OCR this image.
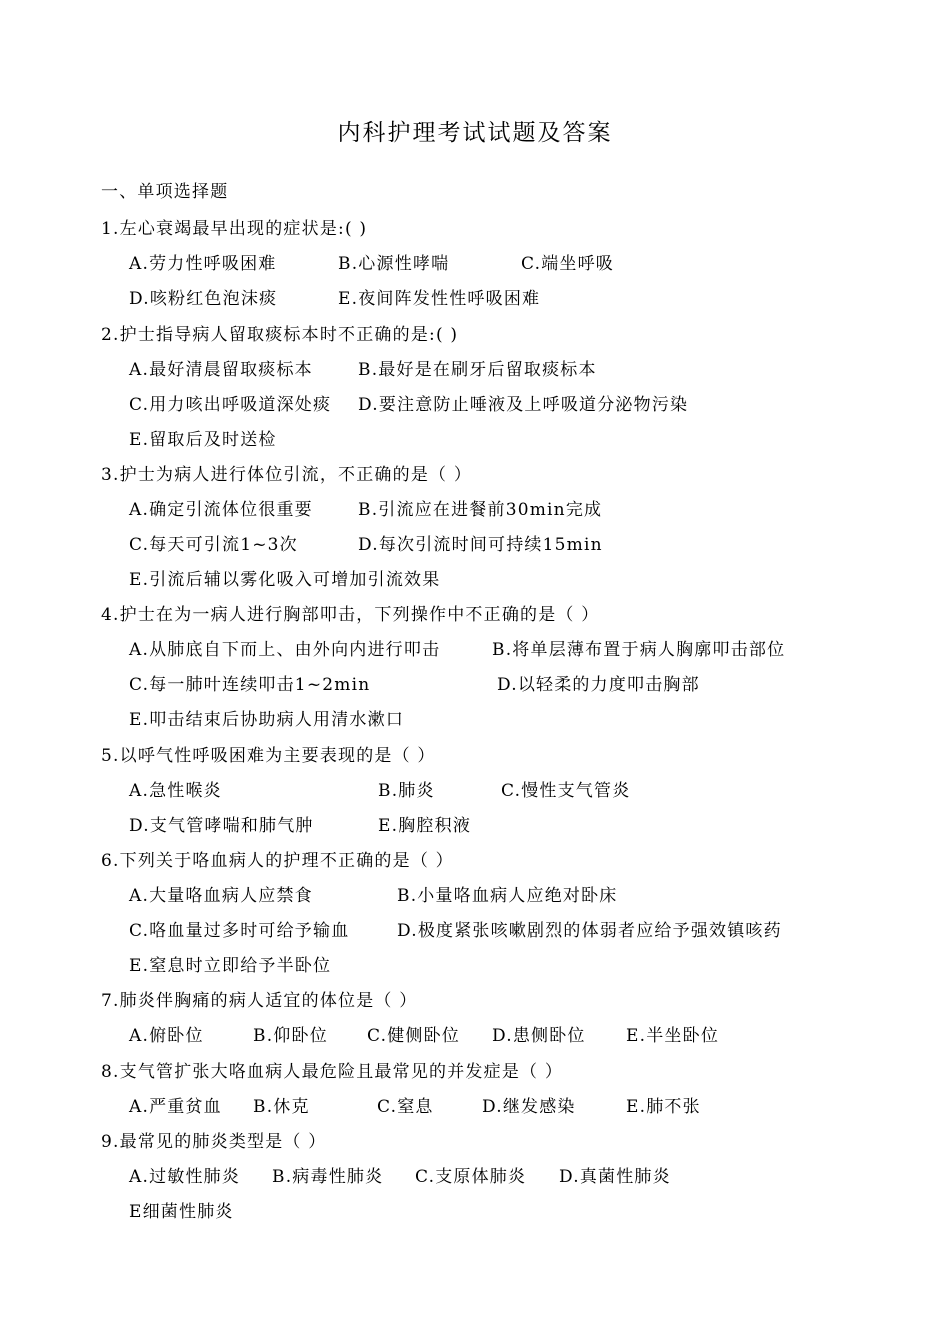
内科护理考试试题及答案
一、单项选择题
1.左心衰竭最早出现的症状是:( )
A.劳力性呼吸困难	B.心源性哮喘	C.端坐呼吸
D.咳粉红色泡沫痰	E.夜间阵发性性呼吸困难
2.护士指导病人留取痰标本时不正确的是:( )
A.最好清晨留取痰标本	B.最好是在刷牙后留取痰标本
C.用力咳出呼吸道深处痰 D.要注意防止唾液及上呼吸道分泌物污染
E.留取后及时送检
3.护士为病人进行体位引流，不正确的是（ ）
A.确定引流体位很重要	B.引流应在进餐前30min完成
C.每天可引流1~3次	D.每次引流时间可持续15min
E.引流后辅以雾化吸入可增加引流效果
4.护士在为一病人进行胸部叩击，下列操作中不正确的是（ ）
A.从肺底自下而上、由外向内进行叩击	B.将单层薄布置于病人胸廓叩击部位
C.每一肺叶连续叩击1~2min	D.以轻柔的力度叩击胸部
E.叩击结束后协助病人用清水漱口
5.以呼气性呼吸困难为主要表现的是（ ）
A.急性喉炎	B.肺炎	C.慢性支气管炎
D.支气管哮喘和肺气肿	E.胸腔积液
6.下列关于咯血病人的护理不正确的是（ ）
A.大量咯血病人应禁食	B.小量咯血病人应绝对卧床
C.咯血量过多时可给予输血	D.极度紧张咳嗽剧烈的体弱者应给予强效镇咳药
E.窒息时立即给予半卧位
7.肺炎伴胸痛的病人适宜的体位是（ ）
A.俯卧位	B.仰卧位 C.健侧卧位 D.患侧卧位 E.半坐卧位
8.支气管扩张大咯血病人最危险且最常见的并发症是（ ）
A.严重贫血 B.休克	C.窒息	D.继发感染	E.肺不张
9.最常见的肺炎类型是（ ）
A.过敏性肺炎 B.病毒性肺炎 C.支原体肺炎 D.真菌性肺炎
E细菌性肺炎
